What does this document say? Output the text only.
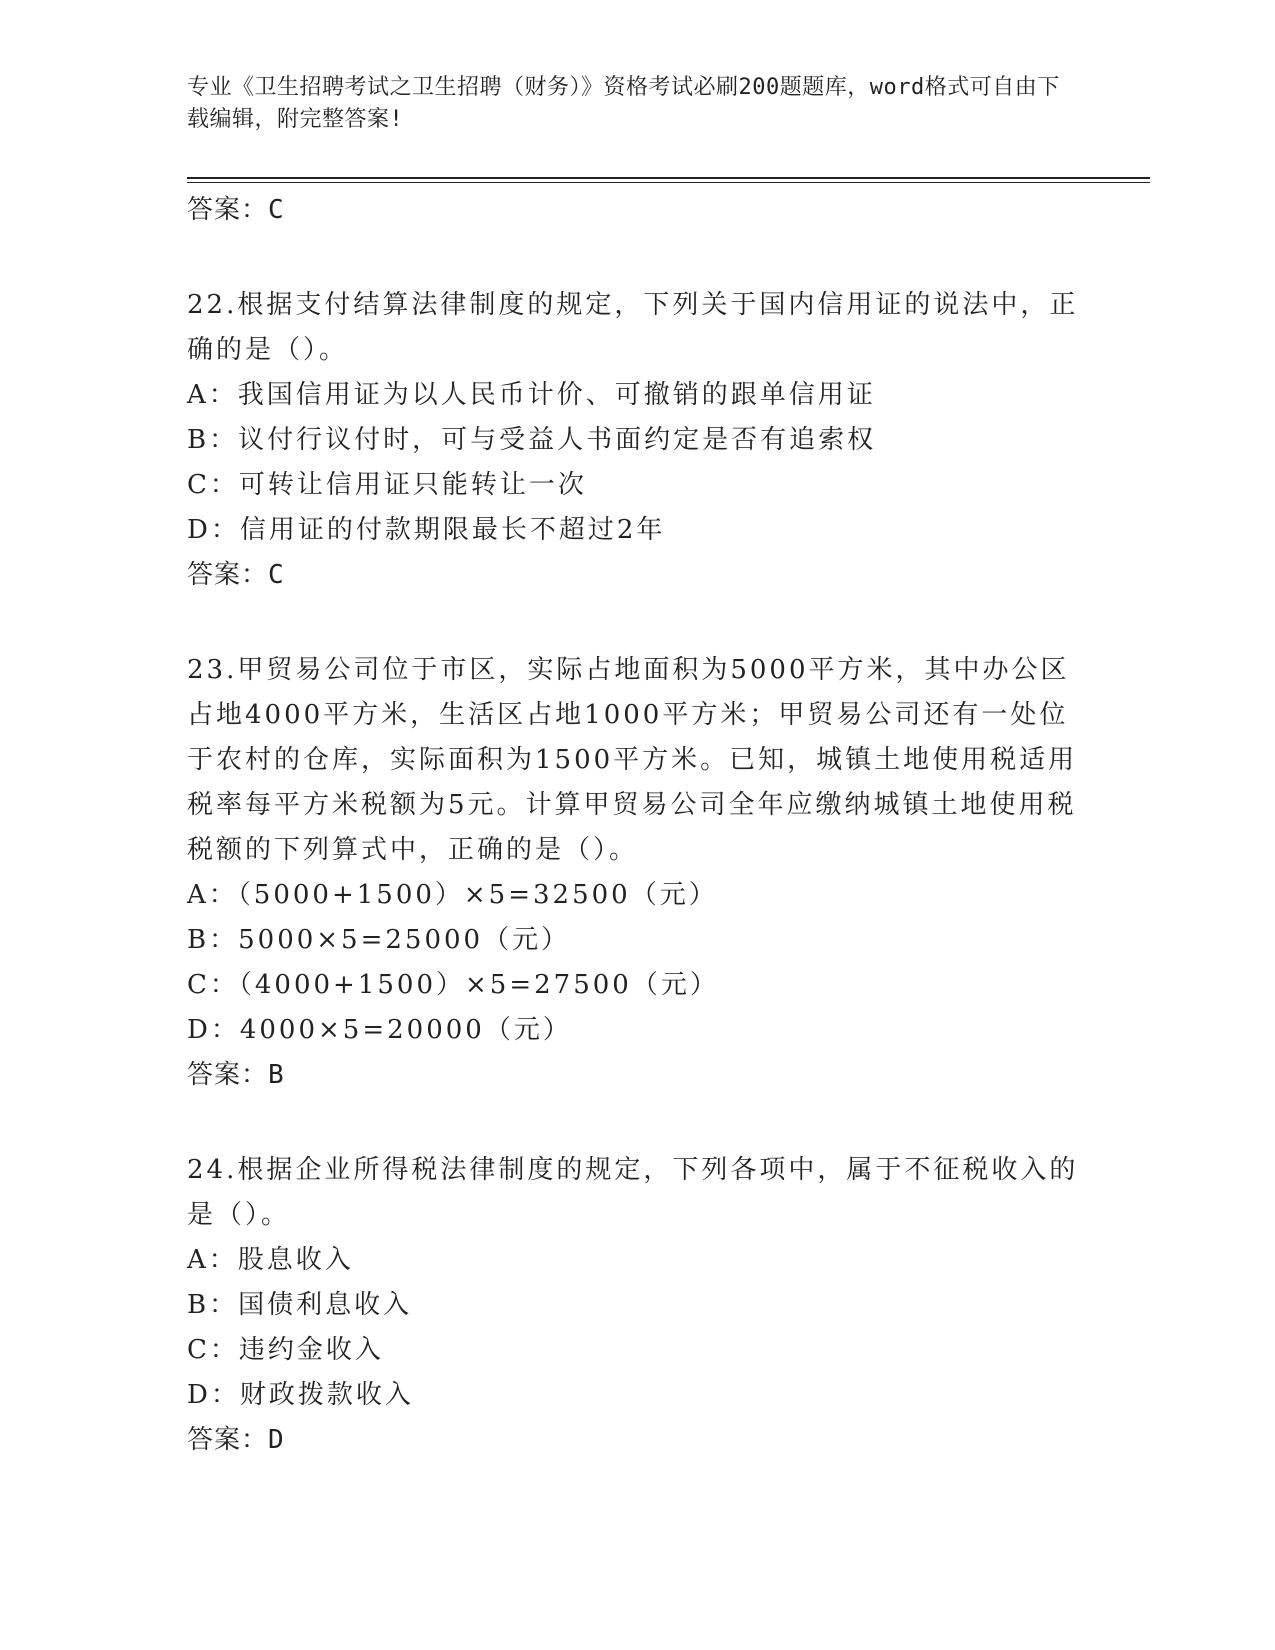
专业《卫生招聘考试之卫生招聘（财务）》资格考试必刷200题题库，word格式可自由下载编辑，附完整答案!
答案：C

22.根据支付结算法律制度的规定，下列关于国内信用证的说法中，正确的是（）。

A：我国信用证为以人民币计价、可撤销的跟单信用证

B：议付行议付时，可与受益人书面约定是否有追索权

C：可转让信用证只能转让一次

D：信用证的付款期限最长不超过2年

答案：C

23.甲贸易公司位于市区，实际占地面积为5000平方米，其中办公区占地4000平方米，生活区占地1000平方米；甲贸易公司还有一处位于农村的仓库，实际面积为1500平方米。已知，城镇土地使用税适用税率每平方米税额为5元。计算甲贸易公司全年应缴纳城镇土地使用税税额的下列算式中，正确的是（）。

A：（5000+1500）×5=32500（元）

B：5000×5=25000（元）

C：（4000+1500）×5=27500（元）

D：4000×5=20000（元）

答案：B

24.根据企业所得税法律制度的规定，下列各项中，属于不征税收入的是（）。

A：股息收入

B：国债利息收入

C：违约金收入

D：财政拨款收入

答案：D
